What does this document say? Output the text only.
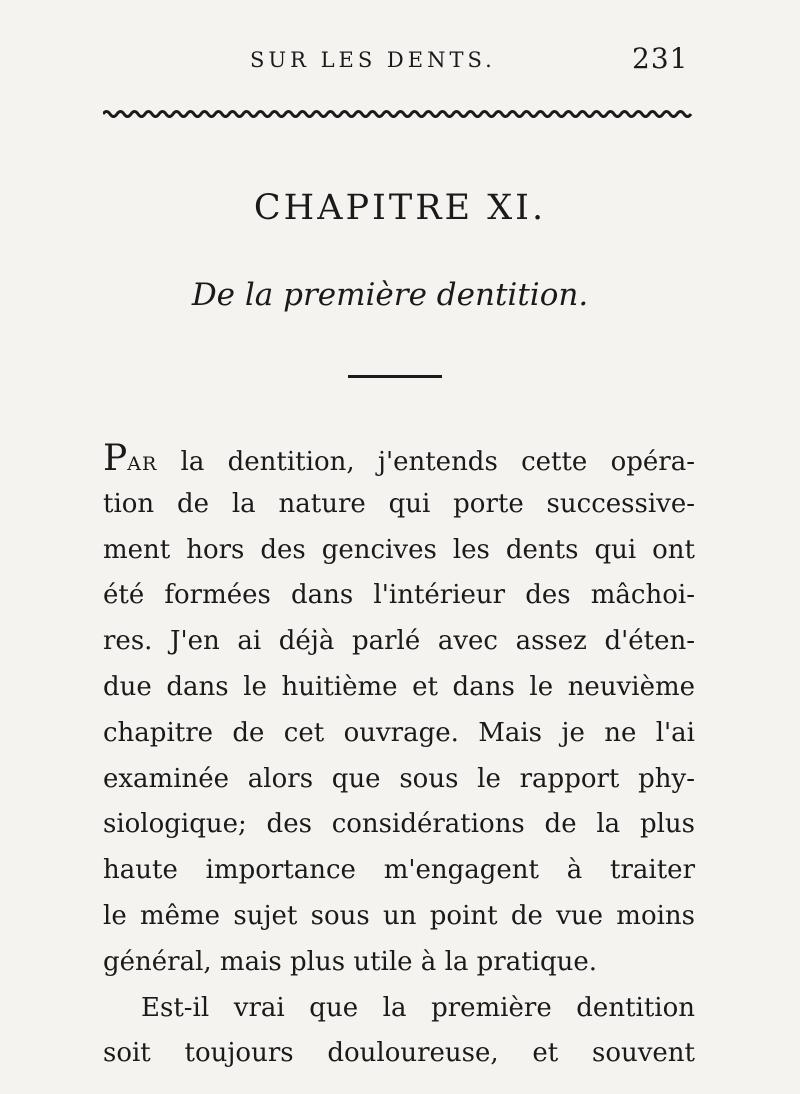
SUR LES DENTS.	231
CHAPITRE XI.
De la première dentition.
PAR la dentition, j'entends cette opéra-
tion de la nature qui porte successive-
ment hors des gencives les dents qui ont
été formées dans l'intérieur des mâchoi-
res. J'en ai déjà parlé avec assez d'éten-
due dans le huitième et dans le neuvième
chapitre de cet ouvrage. Mais je ne l'ai
examinée alors que sous le rapport phy-
siologique; des considérations de la plus
haute importance m'engagent à traiter
le même sujet sous un point de vue moins
général, mais plus utile à la pratique.
Est-il vrai que la première dentition
soit toujours douloureuse, et souvent
